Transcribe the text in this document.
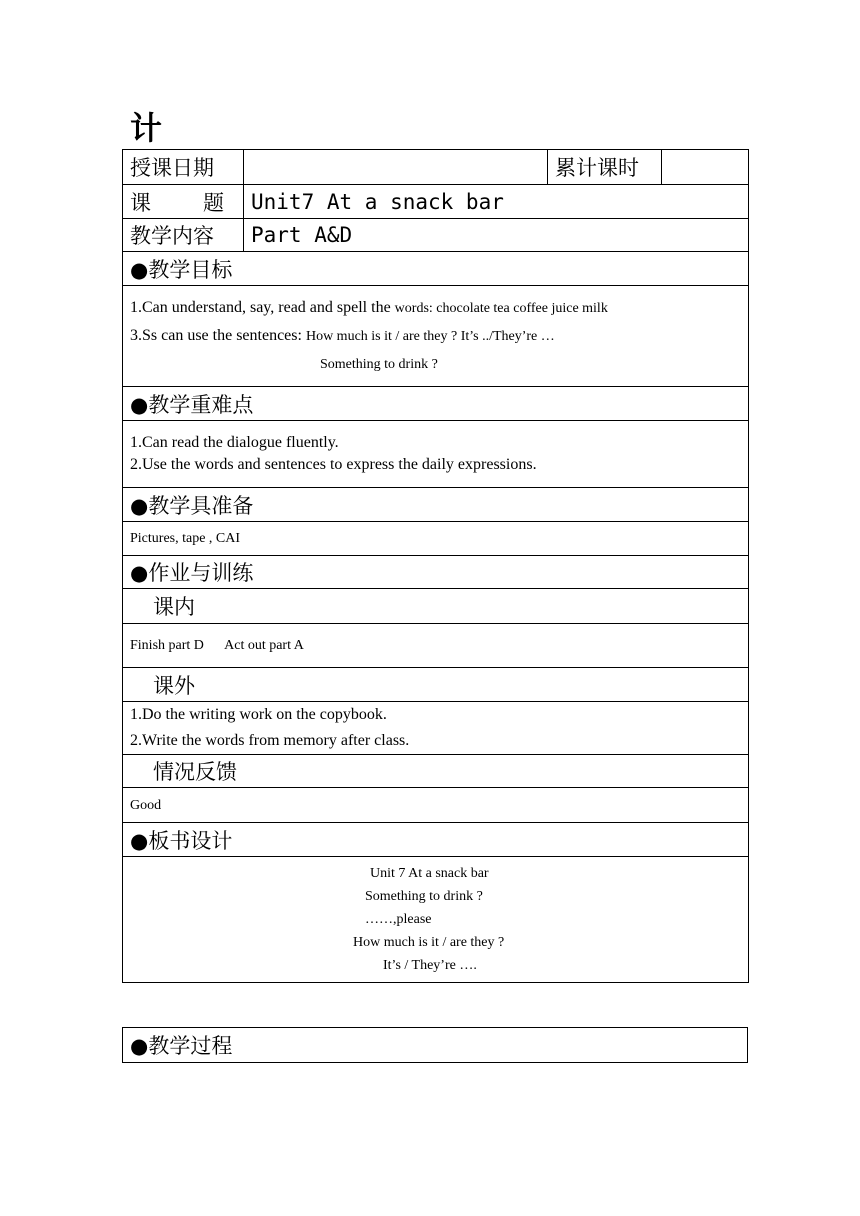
计
授课日期		累计课时	

课 题	Unit7 At a snack bar		
教学内容	Part A&D		
●教学目标			

1.Can understand, say, read and spell the words: chocolate tea coffee juice milk
3.Ss can use the sentences: How much is it / are they ? It’s ../They’re …
Something to drink ?			

●教学重难点			

1.Can read the dialogue fluently.
2.Use the words and sentences to express the daily expressions.			

●教学具准备			
Pictures, tape , CAI			
●作业与训练			
课内			
Finish part D      Act out part A			
课外			

1.Do the writing work on the copybook.
2.Write the words from memory after class.			

情况反馈			
Good			
●板书设计			

Unit 7 At a snack bar
Something to drink ?
……,please
How much is it / are they ?
It’s / They’re ….			
●教学过程
